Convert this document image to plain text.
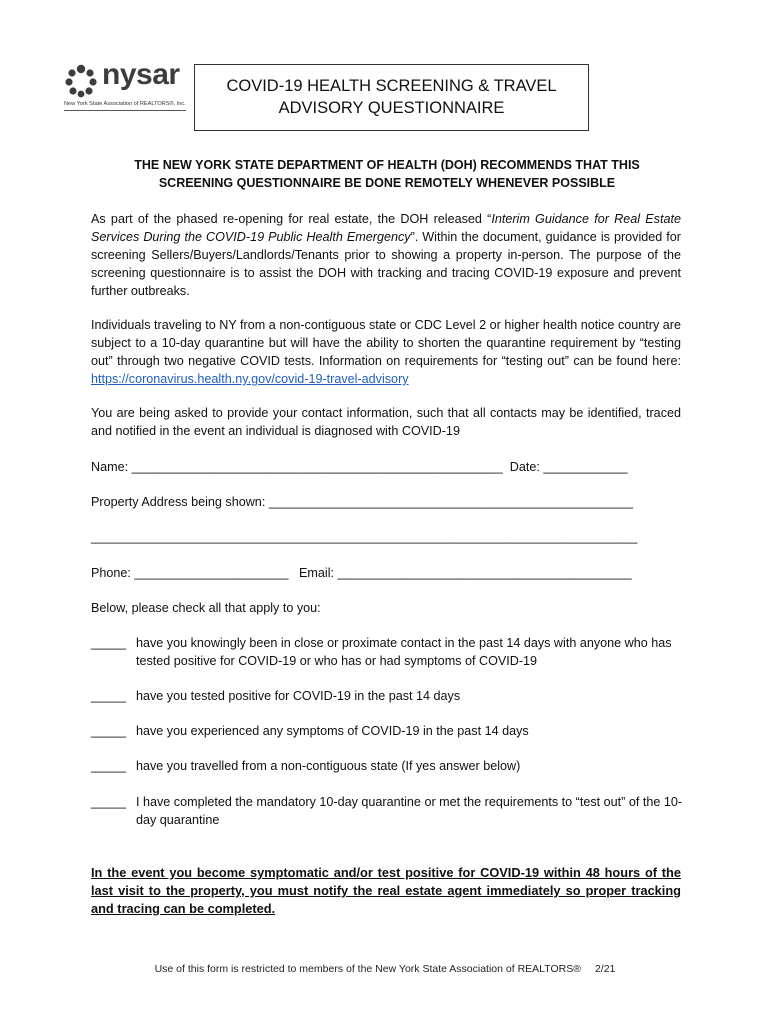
nysar
New York State Association of REALTORS®, Inc.
COVID-19 HEALTH SCREENING & TRAVEL
ADVISORY QUESTIONNAIRE
THE NEW YORK STATE DEPARTMENT OF HEALTH (DOH) RECOMMENDS THAT THIS
SCREENING QUESTIONNAIRE BE DONE REMOTELY WHENEVER POSSIBLE
As part of the phased re-opening for real estate, the DOH released “Interim Guidance for Real Estate Services During the COVID-19 Public Health Emergency”. Within the document, guidance is provided for screening Sellers/Buyers/Landlords/Tenants prior to showing a property in-person. The purpose of the screening questionnaire is to assist the DOH with tracking and tracing COVID-19 exposure and prevent further outbreaks.
Individuals traveling to NY from a non-contiguous state or CDC Level 2 or higher health notice country are subject to a 10-day quarantine but will have the ability to shorten the quarantine requirement by “testing out” through two negative COVID tests. Information on requirements for “testing out” can be found here: https://coronavirus.health.ny.gov/covid-19-travel-advisory
You are being asked to provide your contact information, such that all contacts may be identified, traced and notified in the event an individual is diagnosed with COVID-19
Name: _____________________________________________________  Date: ____________
Property Address being shown: ____________________________________________________
______________________________________________________________________________
Phone: ______________________   Email: __________________________________________
Below, please check all that apply to you:
_____ have you knowingly been in close or proximate contact in the past 14 days with anyone who has tested positive for COVID-19 or who has or had symptoms of COVID-19
_____ have you tested positive for COVID-19 in the past 14 days
_____ have you experienced any symptoms of COVID-19 in the past 14 days
_____ have you travelled from a non-contiguous state (If yes answer below)
_____ I have completed the mandatory 10-day quarantine or met the requirements to “test out” of the 10-day quarantine
In the event you become symptomatic and/or test positive for COVID-19 within 48 hours of the last visit to the property, you must notify the real estate agent immediately so proper tracking and tracing can be completed.
Use of this form is restricted to members of the New York State Association of REALTORS® 2/21
